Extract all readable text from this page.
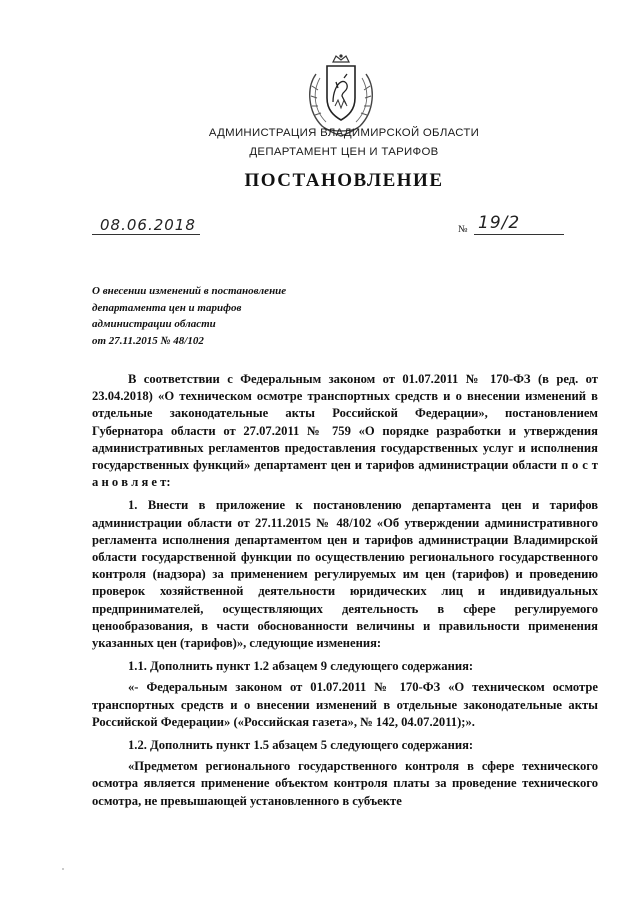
АДМИНИСТРАЦИЯ ВЛАДИМИРСКОЙ ОБЛАСТИ
ДЕПАРТАМЕНТ ЦЕН И ТАРИФОВ
ПОСТАНОВЛЕНИЕ
08.06.2018	№ 19/2
О внесении изменений в постановление
департамента цен и тарифов
администрации области
от 27.11.2015 № 48/102

В соответствии с Федеральным законом от 01.07.2011 № 170-ФЗ (в ред. от 23.04.2018) «О техническом осмотре транспортных средств и о внесении изменений в отдельные законодательные акты Российской Федерации», постановлением Губернатора области от 27.07.2011 № 759 «О порядке разработки и утверждения административных регламентов предоставления государственных услуг и исполнения государственных функций» департамент цен и тарифов администрации области п о с т а н о в л я е т:

1. Внести в приложение к постановлению департамента цен и тарифов администрации области от 27.11.2015 № 48/102 «Об утверждении административного регламента исполнения департаментом цен и тарифов администрации Владимирской области государственной функции по осуществлению регионального государственного контроля (надзора) за применением регулируемых им цен (тарифов) и проведению проверок хозяйственной деятельности юридических лиц и индивидуальных предпринимателей, осуществляющих деятельность в сфере регулируемого ценообразования, в части обоснованности величины и правильности применения указанных цен (тарифов)», следующие изменения:

1.1. Дополнить пункт 1.2 абзацем 9 следующего содержания:

«- Федеральным законом от 01.07.2011 № 170-ФЗ «О техническом осмотре транспортных средств и о внесении изменений в отдельные законодательные акты Российской Федерации» («Российская газета», № 142, 04.07.2011);».

1.2. Дополнить пункт 1.5 абзацем 5 следующего содержания:

«Предметом регионального государственного контроля в сфере технического осмотра является применение объектом контроля платы за проведение технического осмотра, не превышающей установленного в субъекте
